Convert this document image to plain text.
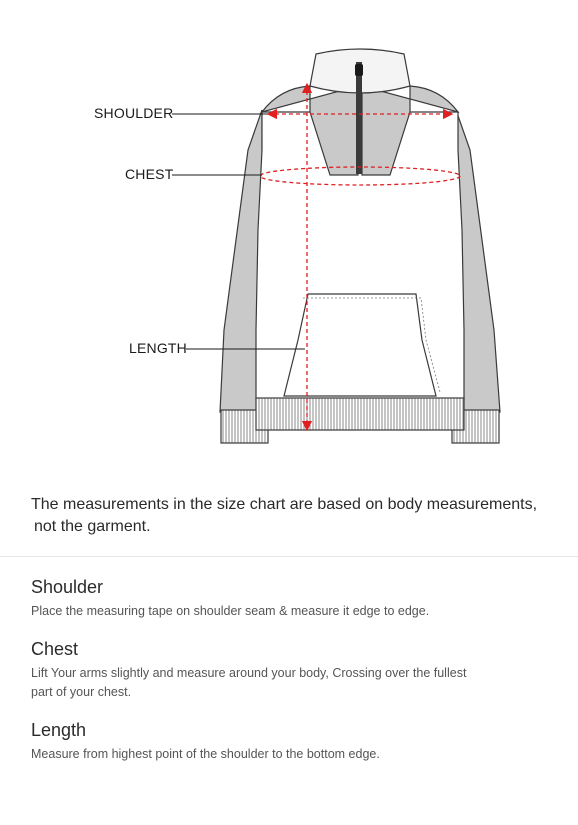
SHOULDER
CHEST
LENGTH
The measurements in the size chart are based on body measurements,
not the garment.
Shoulder

Place the measuring tape on shoulder seam & measure it edge to edge.

Chest

Lift Your arms slightly and measure around your body, Crossing over the fullest
part of your chest.

Length

Measure from highest point of the shoulder to the bottom edge.
